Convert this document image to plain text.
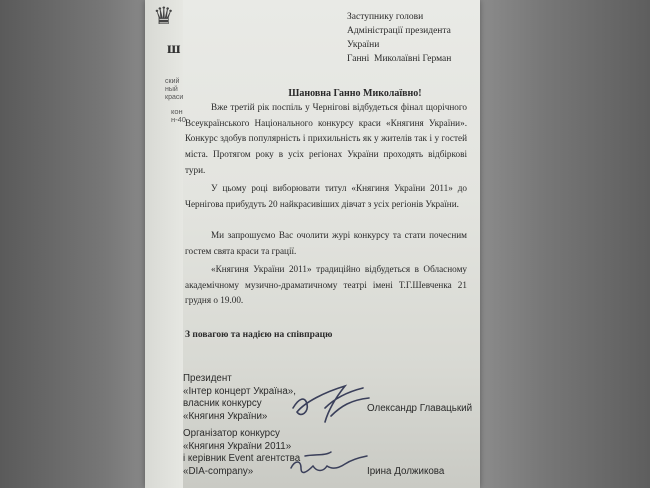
♛
ш
ский
ный
краси
кон
н-40
Заступнику голови
Адміністрації президента
України
Ганні  Миколаївні Герман
Шановна Ганно Миколаївно!
Вже третій рік поспіль у Чернігові відбудеться фінал щорічного Всеукраїнського Національного конкурсу краси «Княгиня України». Конкурс здобув популярність і прихильність як у жителів так і у гостей міста. Протягом року в усіх регіонах України проходять відбіркові тури.
У цьому році виборювати титул «Княгиня України 2011» до Чернігова прибудуть 20 найкрасивіших дівчат з усіх регіонів України.
Ми запрошуємо Вас очолити журі конкурсу та стати почесним гостем свята краси та грації.
«Княгиня України 2011» традиційно відбудеться в Обласному академічному музично-драматичному театрі імені Т.Г.Шевченка 21 грудня о 19.00.
З повагою та надією на співпрацю
Президент
«Інтер концерт Україна»,
власник конкурсу
«Княгиня України»
Олександр Главацький
Організатор конкурсу
«Княгиня України 2011»
і керівник Event агентства
«DIA-company»	Ірина Должикова
